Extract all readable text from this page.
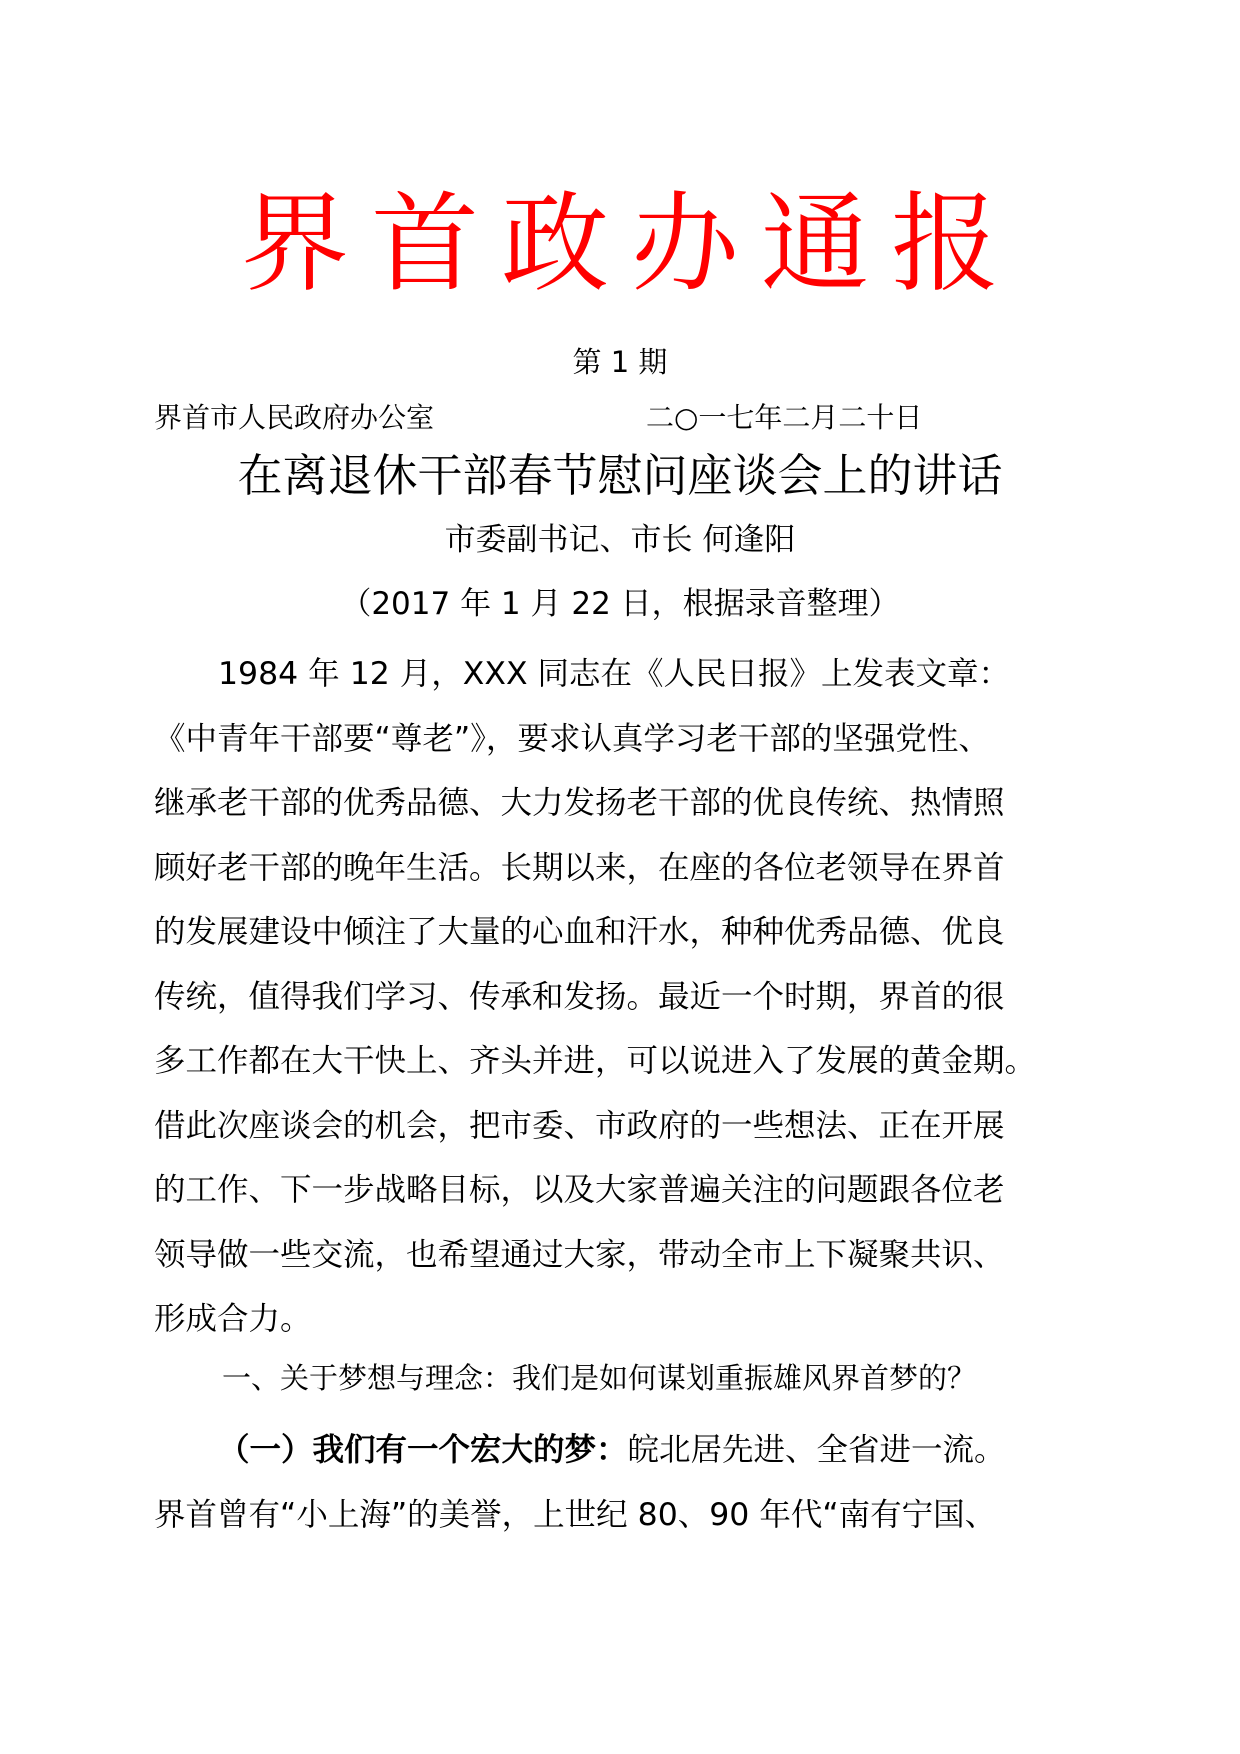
界首政办通报
第 1 期
界首市人民政府办公室	二○一七年二月二十日
在离退休干部春节慰问座谈会上的讲话
市委副书记、市长 何逢阳
（2017 年 1 月 22 日，根据录音整理）
1984 年 12 月，XXX 同志在《人民日报》上发表文章：
《中青年干部要“尊老”》，要求认真学习老干部的坚强党性、
继承老干部的优秀品德、大力发扬老干部的优良传统、热情照
顾好老干部的晚年生活。长期以来，在座的各位老领导在界首
的发展建设中倾注了大量的心血和汗水，种种优秀品德、优良
传统，值得我们学习、传承和发扬。最近一个时期，界首的很
多工作都在大干快上、齐头并进，可以说进入了发展的黄金期。
借此次座谈会的机会，把市委、市政府的一些想法、正在开展
的工作、下一步战略目标，以及大家普遍关注的问题跟各位老
领导做一些交流，也希望通过大家，带动全市上下凝聚共识、
形成合力。
一、关于梦想与理念：我们是如何谋划重振雄风界首梦的？
（一）我们有一个宏大的梦：皖北居先进、全省进一流。
界首曾有“小上海”的美誉，上世纪 80、90 年代“南有宁国、
